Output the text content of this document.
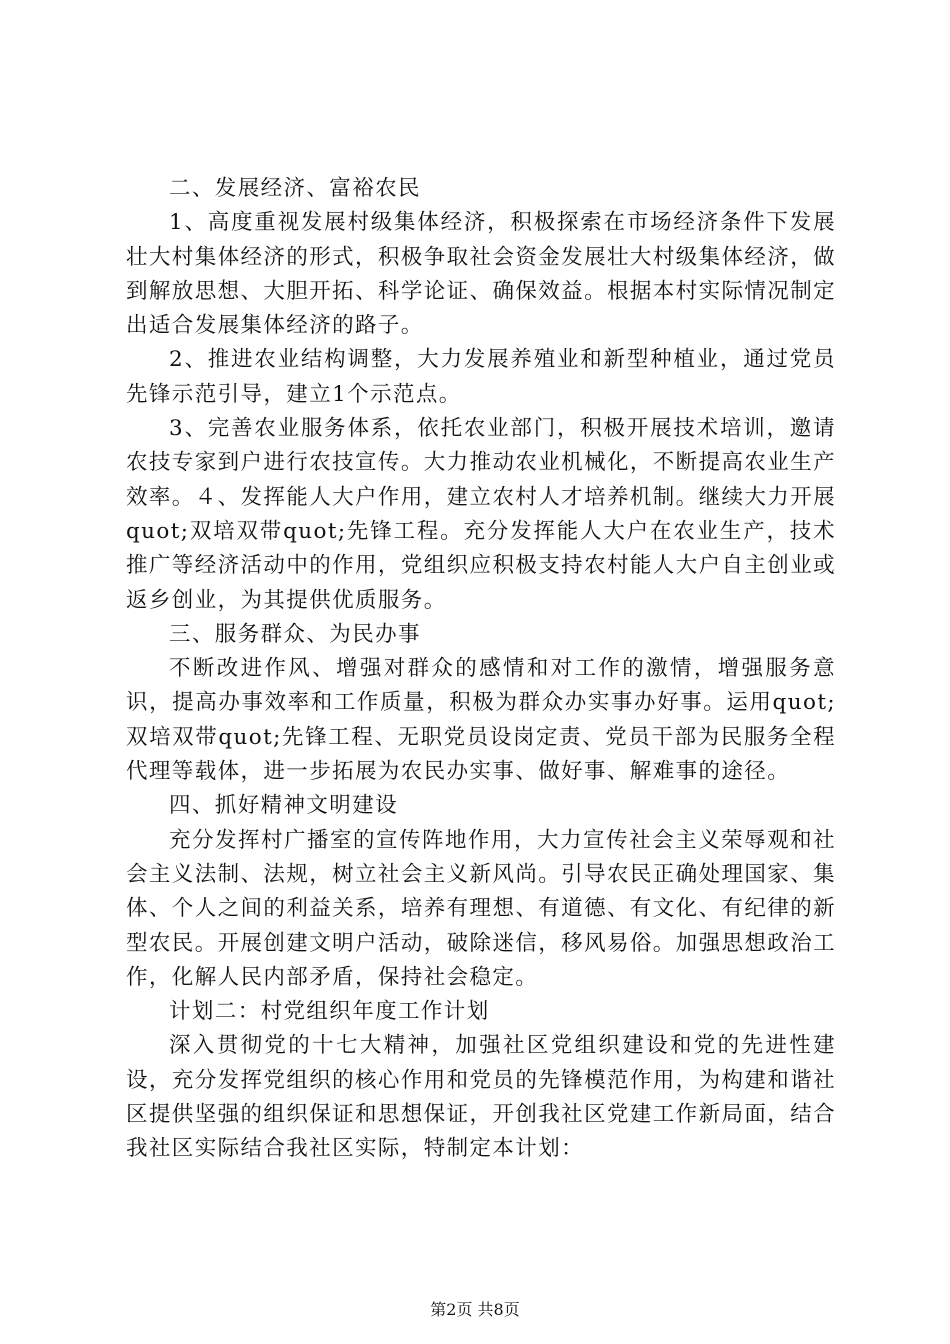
二、发展经济、富裕农民

1、高度重视发展村级集体经济，积极探索在市场经济条件下发展壮大村集体经济的形式，积极争取社会资金发展壮大村级集体经济，做到解放思想、大胆开拓、科学论证、确保效益。根据本村实际情况制定出适合发展集体经济的路子。

2、推进农业结构调整，大力发展养殖业和新型种植业，通过党员先锋示范引导，建立1个示范点。

3、完善农业服务体系，依托农业部门，积极开展技术培训，邀请农技专家到户进行农技宣传。大力推动农业机械化，不断提高农业生产效率。４、发挥能人大户作用，建立农村人才培养机制。继续大力开展quot;双培双带quot;先锋工程。充分发挥能人大户在农业生产，技术推广等经济活动中的作用，党组织应积极支持农村能人大户自主创业或返乡创业，为其提供优质服务。

三、服务群众、为民办事

不断改进作风、增强对群众的感情和对工作的激情，增强服务意识，提高办事效率和工作质量，积极为群众办实事办好事。运用quot;双培双带quot;先锋工程、无职党员设岗定责、党员干部为民服务全程代理等载体，进一步拓展为农民办实事、做好事、解难事的途径。

四、抓好精神文明建设

充分发挥村广播室的宣传阵地作用，大力宣传社会主义荣辱观和社会主义法制、法规，树立社会主义新风尚。引导农民正确处理国家、集体、个人之间的利益关系，培养有理想、有道德、有文化、有纪律的新型农民。开展创建文明户活动，破除迷信，移风易俗。加强思想政治工作，化解人民内部矛盾，保持社会稳定。

计划二：村党组织年度工作计划

深入贯彻党的十七大精神，加强社区党组织建设和党的先进性建设，充分发挥党组织的核心作用和党员的先锋模范作用，为构建和谐社区提供坚强的组织保证和思想保证，开创我社区党建工作新局面，结合我社区实际结合我社区实际，特制定本计划：

第2页 共8页
